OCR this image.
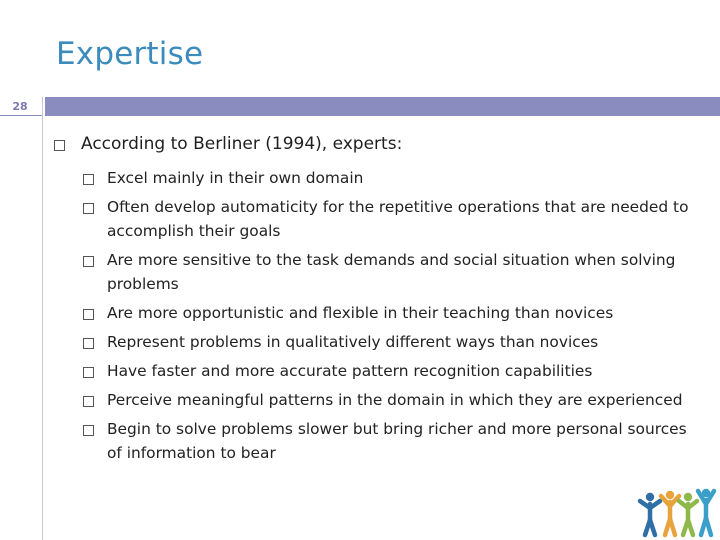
Expertise
28
According to Berliner (1994), experts:
Excel mainly in their own domain
Often develop automaticity for the repetitive operations that are needed to accomplish their goals
Are more sensitive to the task demands and social situation when solving problems
Are more opportunistic and flexible in their teaching than novices
Represent problems in qualitatively different ways than novices
Have faster and more accurate pattern recognition capabilities
Perceive meaningful patterns in the domain in which they are experienced
Begin to solve problems slower but bring richer and more personal sources of information to bear
